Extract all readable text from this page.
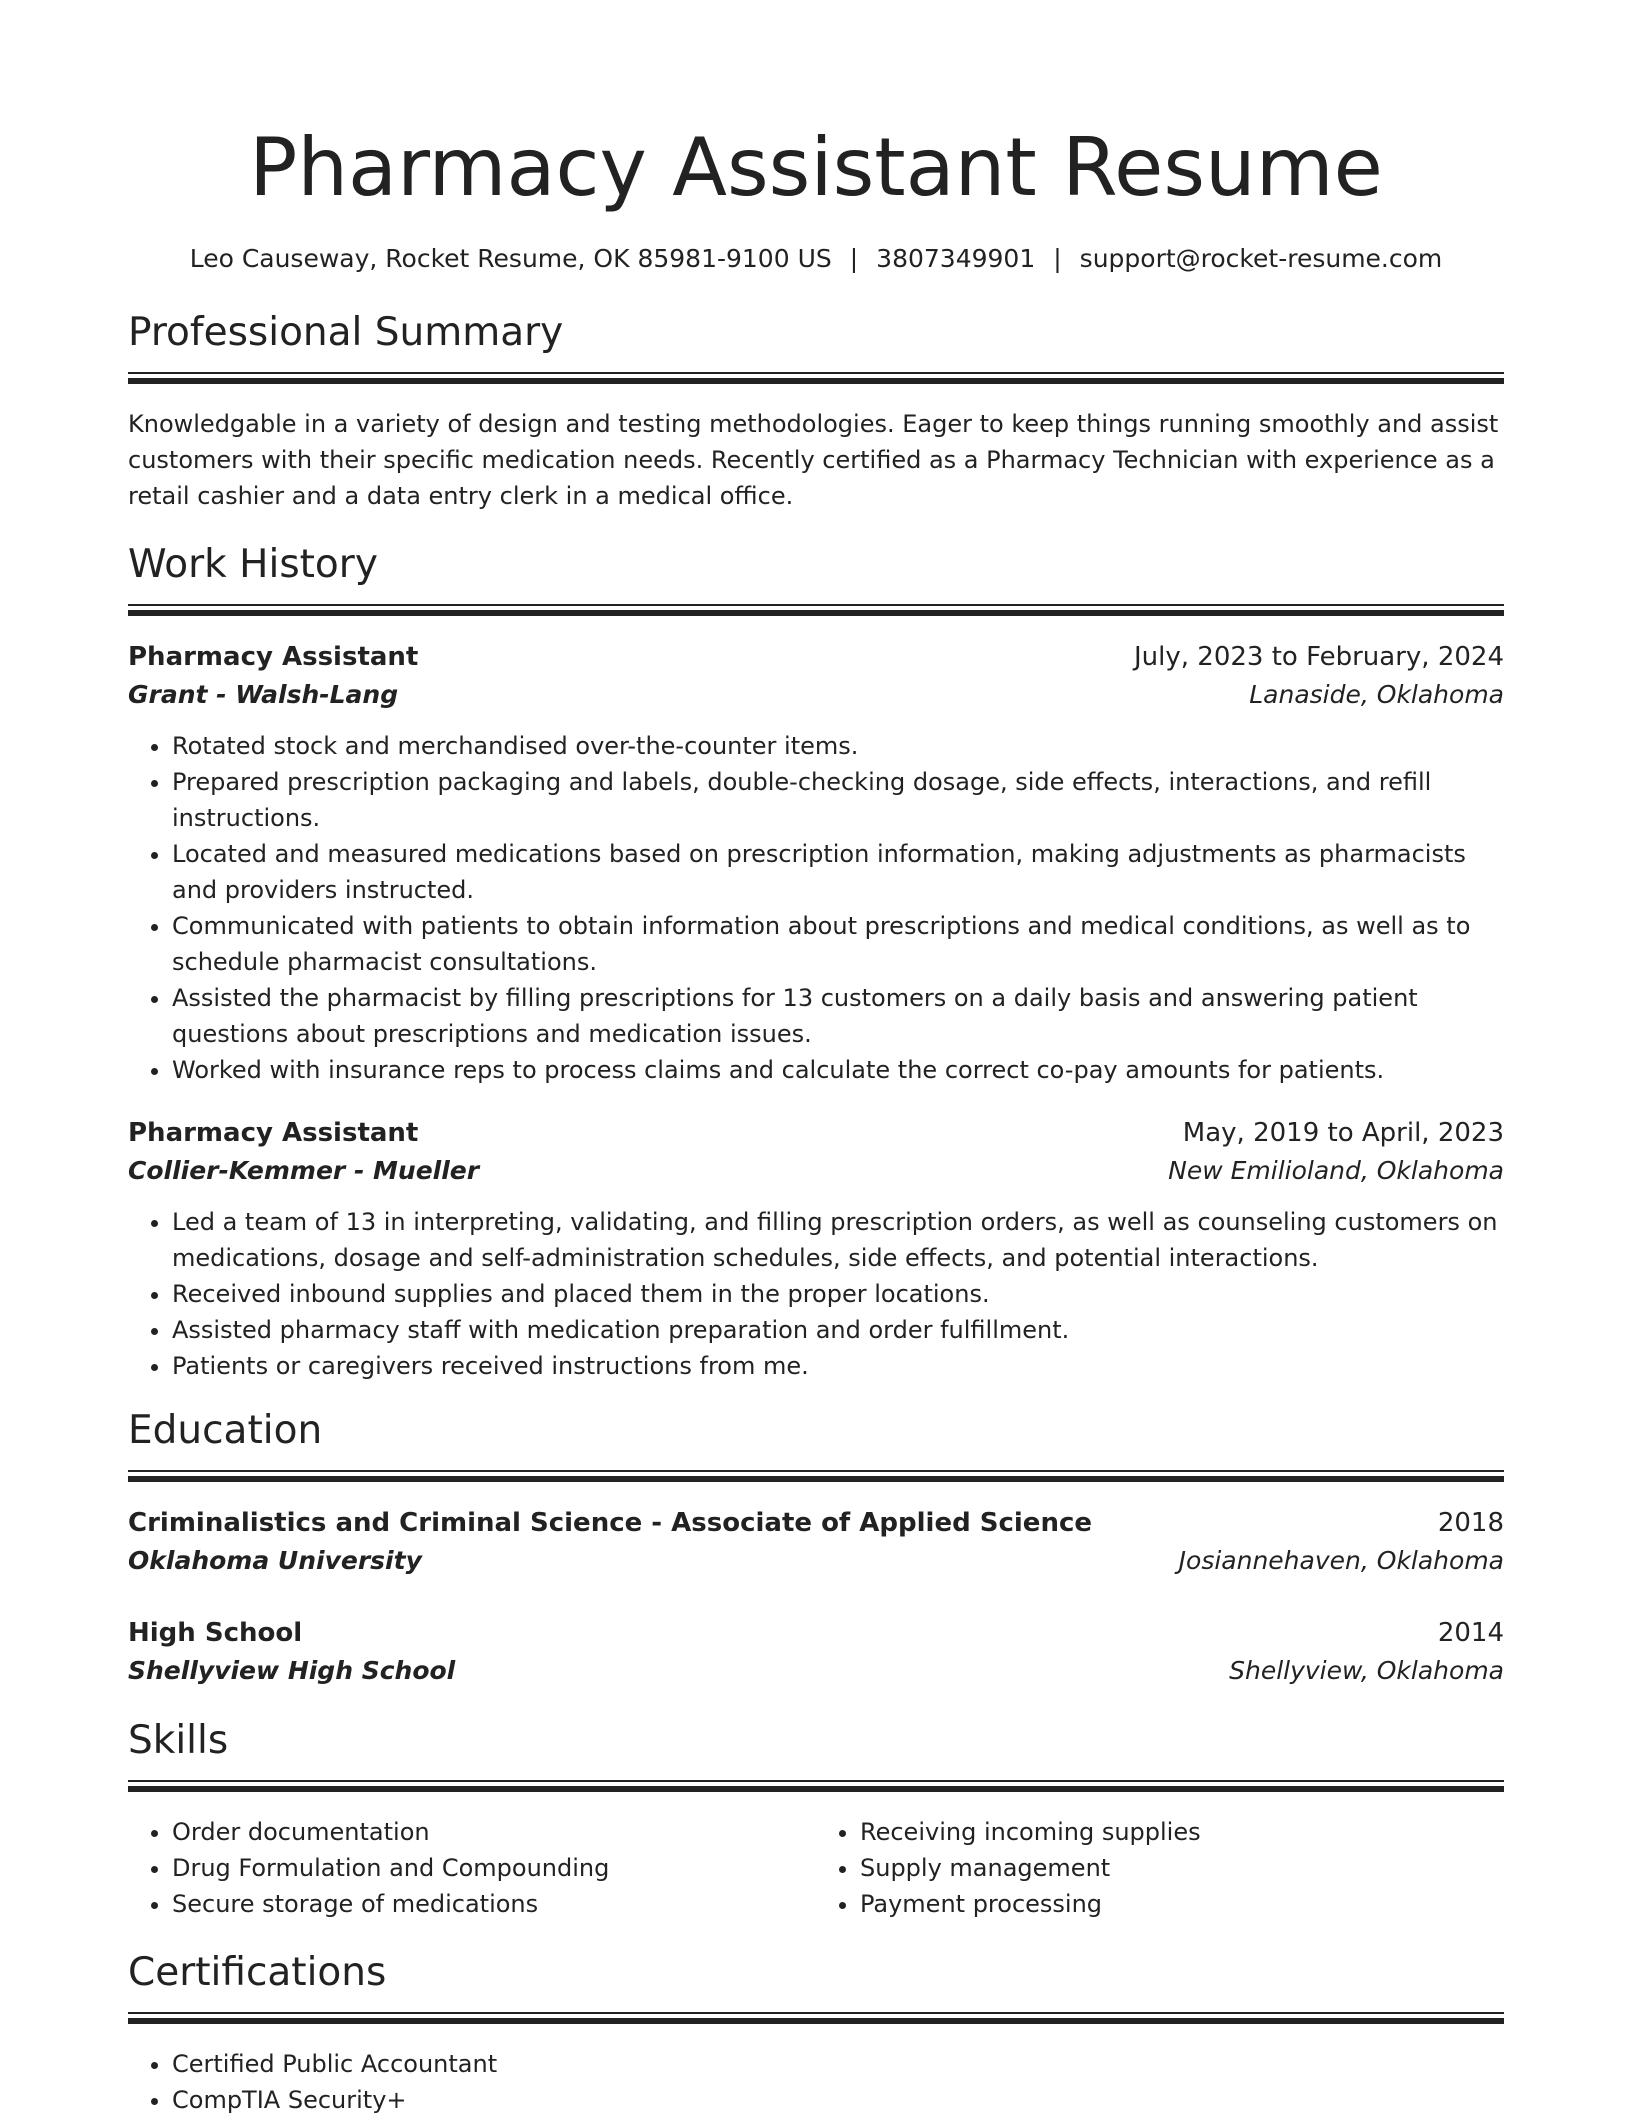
Pharmacy Assistant Resume
Leo Causeway, Rocket Resume, OK 85981-9100 US | 3807349901 | support@rocket-resume.com
Professional Summary

Knowledgable in a variety of design and testing methodologies. Eager to keep things running smoothly and assist customers with their specific medication needs. Recently certified as a Pharmacy Technician with experience as a retail cashier and a data entry clerk in a medical office.

Work History
Pharmacy Assistant	July, 2023 to February, 2024
Grant - Walsh-Lang	Lanaside, Oklahoma
• Rotated stock and merchandised over-the-counter items.
• Prepared prescription packaging and labels, double-checking dosage, side effects, interactions, and refill instructions.
• Located and measured medications based on prescription information, making adjustments as pharmacists and providers instructed.
• Communicated with patients to obtain information about prescriptions and medical conditions, as well as to schedule pharmacist consultations.
• Assisted the pharmacist by filling prescriptions for 13 customers on a daily basis and answering patient questions about prescriptions and medication issues.
• Worked with insurance reps to process claims and calculate the correct co-pay amounts for patients.
Pharmacy Assistant	May, 2019 to April, 2023
Collier-Kemmer - Mueller	New Emilioland, Oklahoma
• Led a team of 13 in interpreting, validating, and filling prescription orders, as well as counseling customers on medications, dosage and self-administration schedules, side effects, and potential interactions.
• Received inbound supplies and placed them in the proper locations.
• Assisted pharmacy staff with medication preparation and order fulfillment.
• Patients or caregivers received instructions from me.
Education
Criminalistics and Criminal Science - Associate of Applied Science	2018
Oklahoma University	Josiannehaven, Oklahoma
High School	2014
Shellyview High School	Shellyview, Oklahoma
Skills
• Order documentation
• Drug Formulation and Compounding
• Secure storage of medications
• Receiving incoming supplies
• Supply management
• Payment processing
Certifications
• Certified Public Accountant
• CompTIA Security+
